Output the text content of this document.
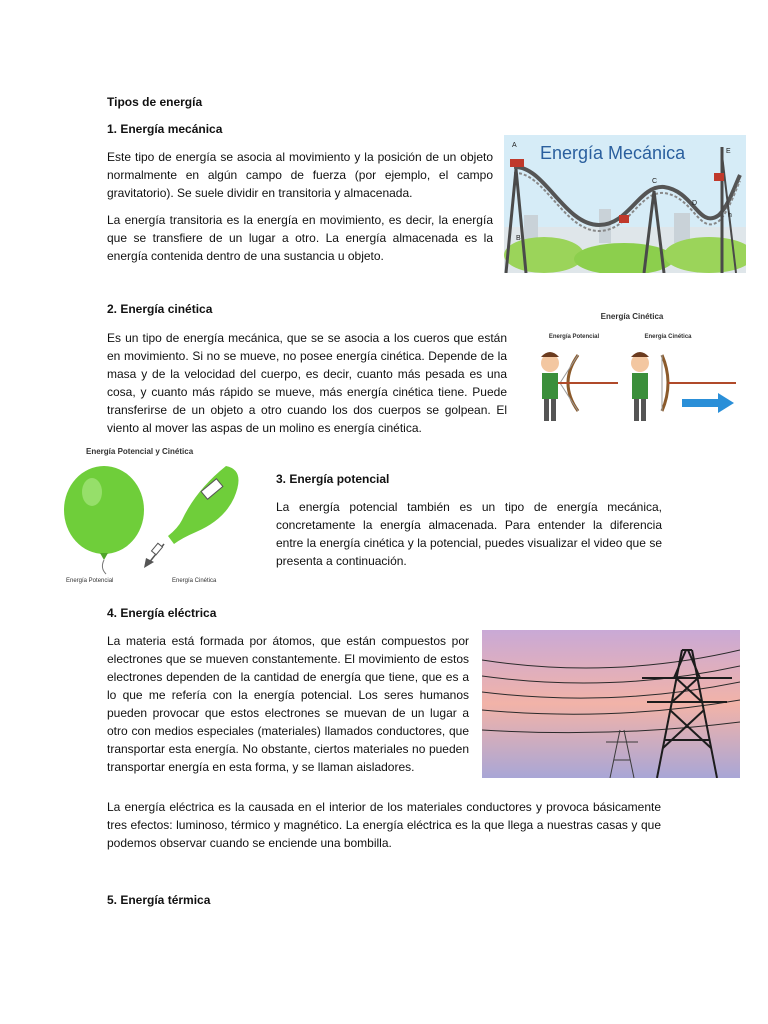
Tipos de energía
1. Energía mecánica
Este tipo de energía se asocia al movimiento y la posición de un objeto normalmente en algún campo de fuerza (por ejemplo, el campo gravitatorio). Se suele dividir en transitoria y almacenada.
La energía transitoria es la energía en movimiento, es decir, la energía que se transfiere de un lugar a otro. La energía almacenada es la energía contenida dentro de una sustancia u objeto.
Energía Mecánica
A
B
C
D
E
h
2. Energía cinética
Es un tipo de energía mecánica, que se se asocia a los cueros que están en movimiento. Si no se mueve, no posee energía cinética. Depende de la masa y de la velocidad del cuerpo, es decir, cuanto más pesada es una cosa, y cuanto más rápido se mueve, más energía cinética tiene. Puede transferirse de un objeto a otro cuando los dos cuerpos se golpean. El viento al mover las aspas de un molino es energía cinética.
Energía Cinética
Energía Potencial	Energía Cinética
Energía Potencial y Cinética
Energía Potencial	Energía Cinética
3. Energía potencial
La energía potencial también es un tipo de energía mecánica, concretamente la energía almacenada. Para entender la diferencia entre la energía cinética y la potencial, puedes visualizar el video que se presenta a continuación.
4. Energía eléctrica
La materia está formada por átomos, que están compuestos por electrones que se mueven constantemente. El movimiento de estos electrones dependen de la cantidad de energía que tiene, que es a lo que me refería con la energía potencial. Los seres humanos pueden provocar que estos electrones se muevan de un lugar a otro con medios especiales (materiales) llamados conductores, que transportar esta energía. No obstante, ciertos materiales no pueden transportar energía en esta forma, y se llaman aisladores.
La energía eléctrica es la causada en el interior de los materiales conductores y provoca básicamente tres efectos: luminoso, térmico y magnético. La energía eléctrica es la que llega a nuestras casas y que podemos observar cuando se enciende una bombilla.
5. Energía térmica
